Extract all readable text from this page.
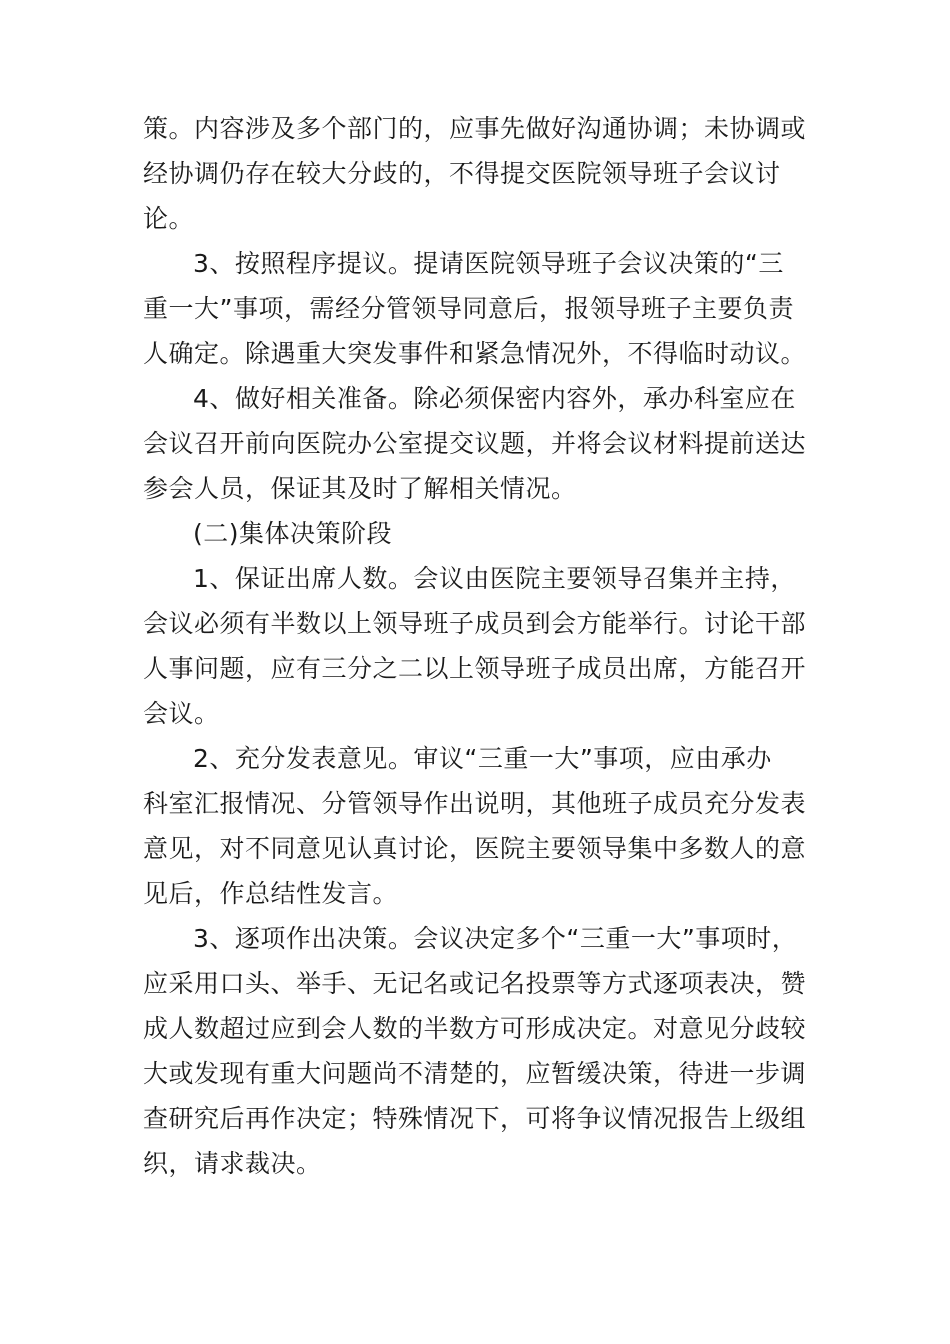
策。内容涉及多个部门的，应事先做好沟通协调；未协调或
经协调仍存在较大分歧的，不得提交医院领导班子会议讨
论。
3、按照程序提议。提请医院领导班子会议决策的“三
重一大”事项，需经分管领导同意后，报领导班子主要负责
人确定。除遇重大突发事件和紧急情况外，不得临时动议。
4、做好相关准备。除必须保密内容外，承办科室应在
会议召开前向医院办公室提交议题，并将会议材料提前送达
参会人员，保证其及时了解相关情况。
(二)集体决策阶段
1、保证出席人数。会议由医院主要领导召集并主持，
会议必须有半数以上领导班子成员到会方能举行。讨论干部
人事问题，应有三分之二以上领导班子成员出席，方能召开
会议。
2、充分发表意见。审议“三重一大”事项，应由承办
科室汇报情况、分管领导作出说明，其他班子成员充分发表
意见，对不同意见认真讨论，医院主要领导集中多数人的意
见后，作总结性发言。
3、逐项作出决策。会议决定多个“三重一大”事项时，
应采用口头、举手、无记名或记名投票等方式逐项表决，赞
成人数超过应到会人数的半数方可形成决定。对意见分歧较
大或发现有重大问题尚不清楚的，应暂缓决策，待进一步调
查研究后再作决定；特殊情况下，可将争议情况报告上级组
织，请求裁决。
